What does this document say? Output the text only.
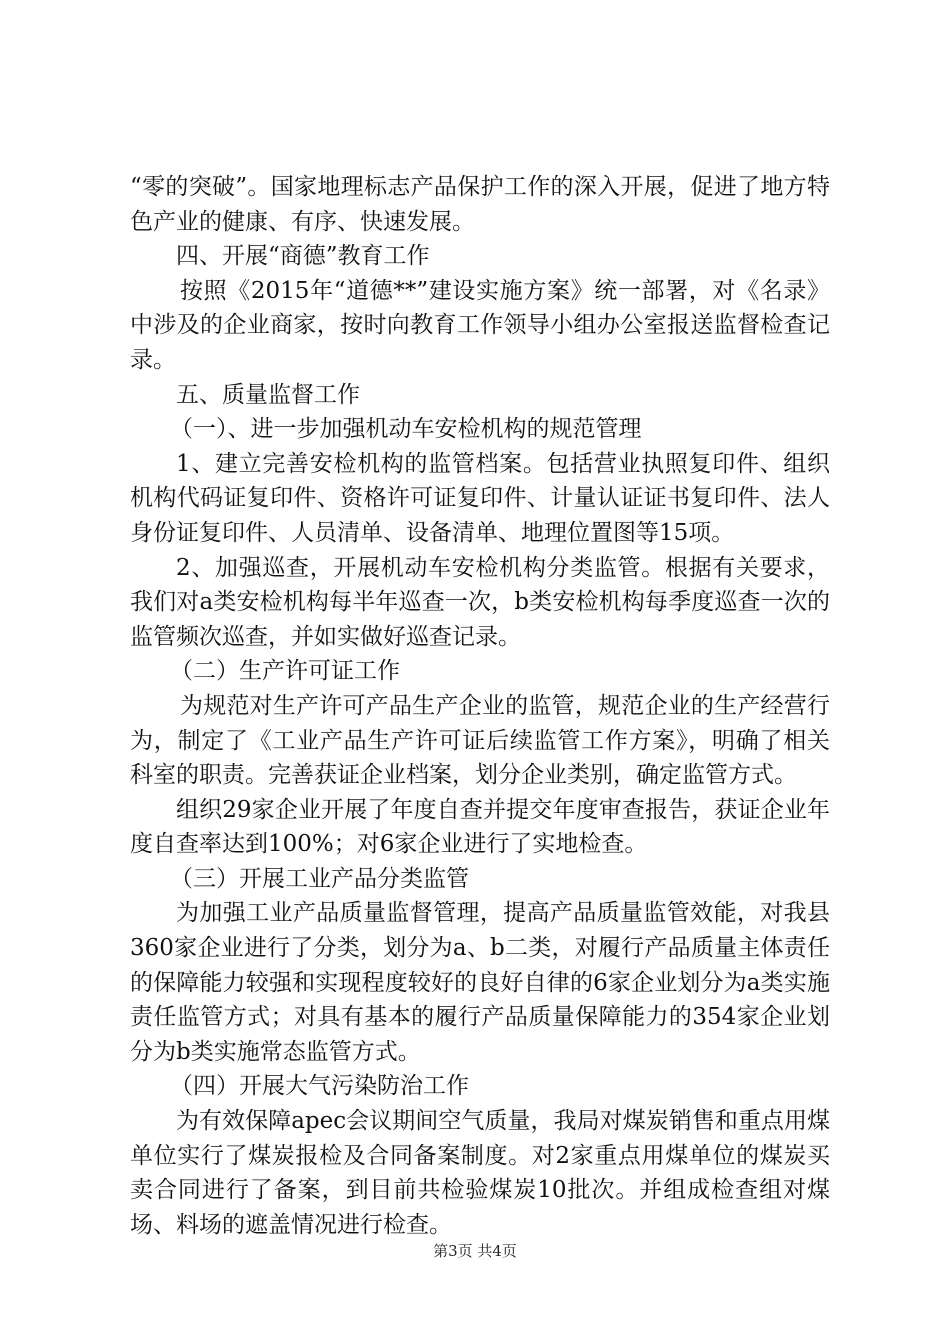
“零的突破”。国家地理标志产品保护工作的深入开展，促进了地方特色产业的健康、有序、快速发展。

四、开展“商德”教育工作

按照《2015年“道德**”建设实施方案》统一部署，对《名录》中涉及的企业商家，按时向教育工作领导小组办公室报送监督检查记录。

五、质量监督工作

（一）、进一步加强机动车安检机构的规范管理

1、建立完善安检机构的监管档案。包括营业执照复印件、组织机构代码证复印件、资格许可证复印件、计量认证证书复印件、法人身份证复印件、人员清单、设备清单、地理位置图等15项。

2、加强巡查，开展机动车安检机构分类监管。根据有关要求，我们对a类安检机构每半年巡查一次，b类安检机构每季度巡查一次的监管频次巡查，并如实做好巡查记录。

（二）生产许可证工作

为规范对生产许可产品生产企业的监管，规范企业的生产经营行为，制定了《工业产品生产许可证后续监管工作方案》，明确了相关科室的职责。完善获证企业档案，划分企业类别，确定监管方式。

组织29家企业开展了年度自查并提交年度审查报告，获证企业年度自查率达到100%；对6家企业进行了实地检查。

（三）开展工业产品分类监管

为加强工业产品质量监督管理，提高产品质量监管效能，对我县360家企业进行了分类，划分为a、b二类，对履行产品质量主体责任的保障能力较强和实现程度较好的良好自律的6家企业划分为a类实施责任监管方式；对具有基本的履行产品质量保障能力的354家企业划分为b类实施常态监管方式。

（四）开展大气污染防治工作

为有效保障apec会议期间空气质量，我局对煤炭销售和重点用煤单位实行了煤炭报检及合同备案制度。对2家重点用煤单位的煤炭买卖合同进行了备案，到目前共检验煤炭10批次。并组成检查组对煤场、料场的遮盖情况进行检查。

第3页 共4页
